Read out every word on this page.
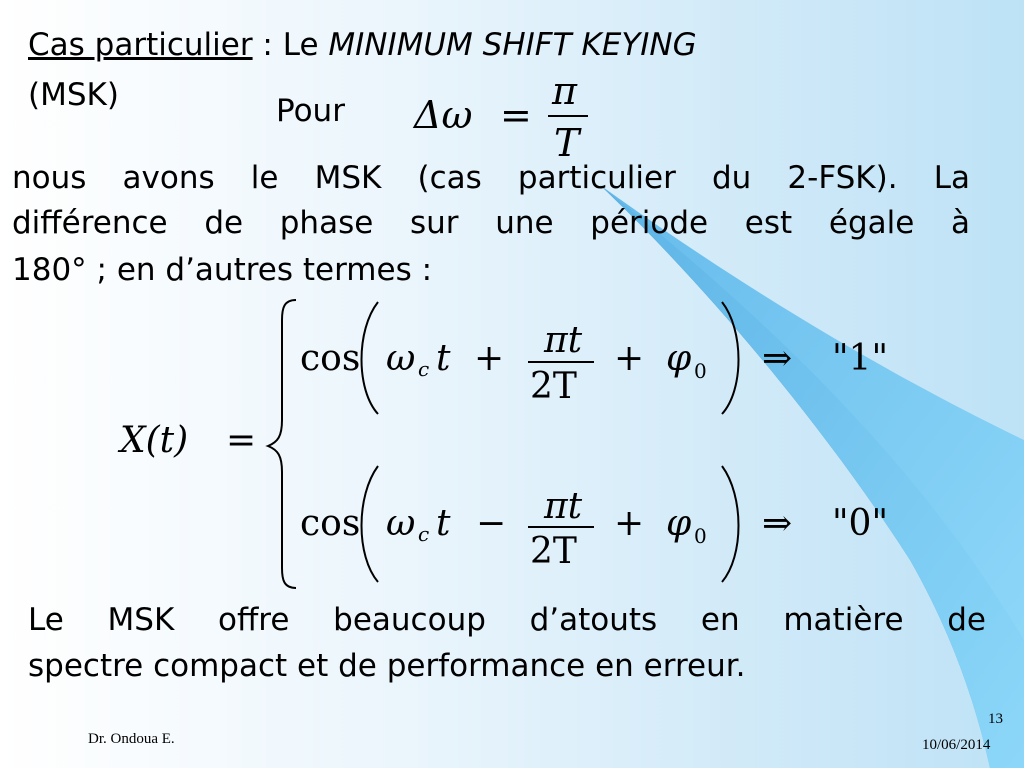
Cas particulier : Le MINIMUM SHIFT KEYING
(MSK)	Pour
nous avons le MSK (cas particulier du 2-FSK). La
différence de phase sur une période est égale à
180° ; en d’autres termes :
Le MSK offre beaucoup d’atouts en matière de
spectre compact et de performance en erreur.
Δω =
π
T
X(t) =
cos ω c t + πt
2T
+ φ 0 ⇒ "1"
cos ω c t − πt
2T
+ φ 0 ⇒ "0"
Dr. Ondoua E.
13
10/06/2014
